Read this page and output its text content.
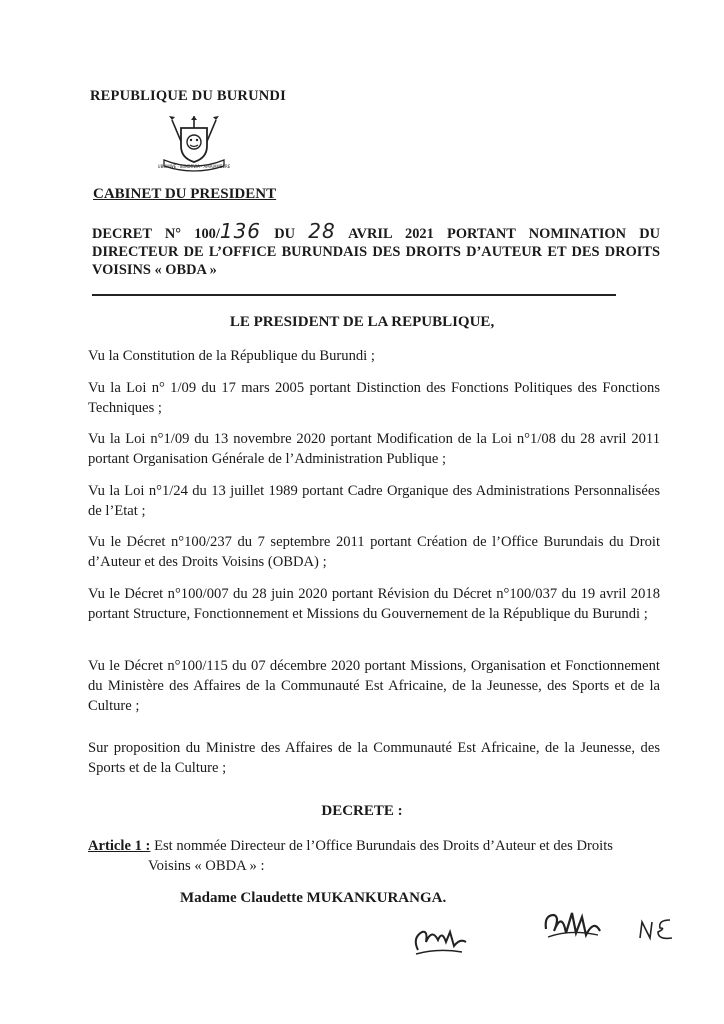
REPUBLIQUE DU BURUNDI
UBUMWE · IBIKORWA · AMAJAMBERE
CABINET DU PRESIDENT
DECRET N° 100/136 DU 28 AVRIL 2021 PORTANT NOMINATION DU DIRECTEUR DE L’OFFICE BURUNDAIS DES DROITS D’AUTEUR ET DES DROITS VOISINS « OBDA »
LE PRESIDENT DE LA REPUBLIQUE,
Vu la Constitution de la République du Burundi ;
Vu la Loi n° 1/09 du 17 mars 2005 portant Distinction des Fonctions Politiques des Fonctions Techniques ;
Vu la Loi n°1/09 du 13 novembre 2020 portant Modification de la Loi n°1/08 du 28 avril 2011 portant Organisation Générale de l’Administration Publique ;
Vu la Loi n°1/24 du 13 juillet 1989 portant Cadre Organique des Administrations Personnalisées de l’Etat ;
Vu le Décret n°100/237 du 7 septembre 2011 portant Création de l’Office Burundais du Droit d’Auteur et des Droits Voisins (OBDA) ;
Vu le Décret n°100/007 du 28 juin 2020 portant Révision du Décret n°100/037 du 19 avril 2018 portant Structure, Fonctionnement et Missions du Gouvernement de la République du Burundi ;
Vu le Décret n°100/115 du 07 décembre 2020 portant Missions, Organisation et Fonctionnement du Ministère des Affaires de la Communauté Est Africaine, de la Jeunesse, des Sports et de la Culture ;
Sur proposition du Ministre des Affaires de la Communauté Est Africaine, de la Jeunesse, des Sports et de la Culture ;
DECRETE :
Article 1 : Est nommée Directeur de l’Office Burundais des Droits d’Auteur et des Droits
Voisins « OBDA » :
Madame Claudette MUKANKURANGA.
